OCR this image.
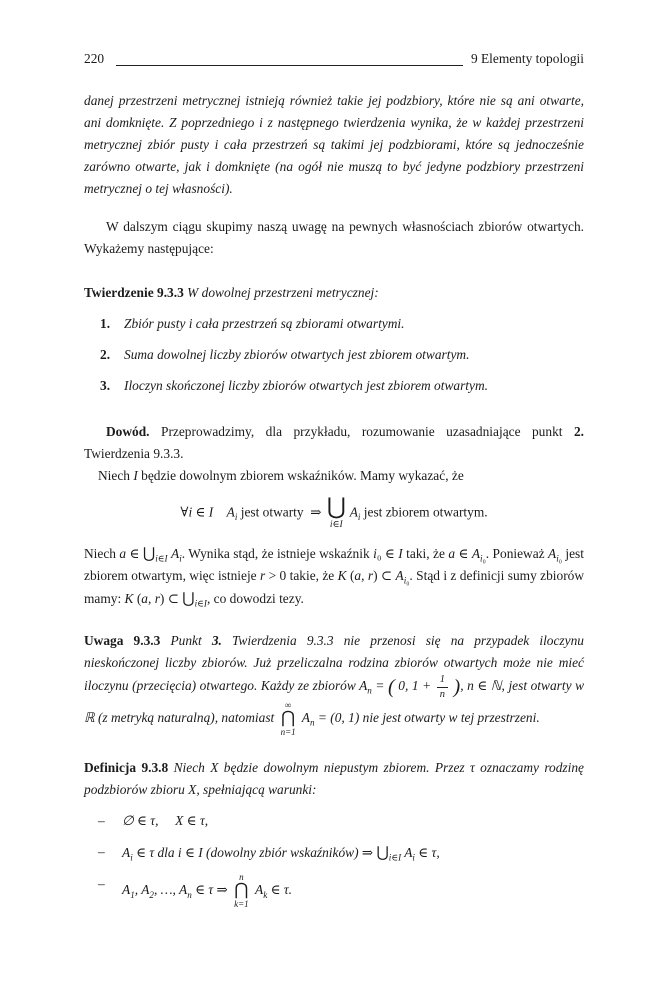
220	9 Elementy topologii

danej przestrzeni metrycznej istnieją również takie jej podzbiory, które nie są ani otwarte, ani domknięte. Z poprzedniego i z następnego twierdzenia wynika, że w każdej przestrzeni metrycznej zbiór pusty i cała przestrzeń są takimi jej podzbiorami, które są jednocześnie zarówno otwarte, jak i domknięte (na ogół nie muszą to być jedyne podzbiory przestrzeni metrycznej o tej własności).

W dalszym ciągu skupimy naszą uwagę na pewnych własnościach zbiorów otwartych. Wykażemy następujące:

Twierdzenie 9.3.3 W dowolnej przestrzeni metrycznej:

1.	Zbiór pusty i cała przestrzeń są zbiorami otwartymi.
2.	Suma dowolnej liczby zbiorów otwartych jest zbiorem otwartym.
3.	Iloczyn skończonej liczby zbiorów otwartych jest zbiorem otwartym.

Dowód. Przeprowadzimy, dla przykładu, rozumowanie uzasadniające punkt 2. Twierdzenia 9.3.3.

Niech I będzie dowolnym zbiorem wskaźników. Mamy wykazać, że

∀i ∈ I $A_i$ jest otwarty  ⇒ ⋃
i∈I
$A_i$ jest zbiorem otwartym.

Niech a ∈ $⋃_{i\in I}$ $A_i$. Wynika stąd, że istnieje wskaźnik i₀ ∈ I taki, że a ∈ $A_{i_0}$. Ponieważ $A_{i_0}$ jest zbiorem otwartym, więc istnieje r > 0 takie, że K (a, r) ⊂ $A_{i_0}$. Stąd i z definicji sumy zbiorów mamy: K (a, r) ⊂ $⋃_{i\in I}$, co dowodzi tezy.

Uwaga 9.3.3 Punkt 3. Twierdzenia 9.3.3 nie przenosi się na przypadek iloczynu nieskończonej liczby zbiorów. Już przeliczalna rodzina zbiorów otwartych może nie mieć iloczynu (przecięcia) otwartego. Każdy ze zbiorów $A_n$ = ( 0, $1 + \frac{1}{n}$ ), n ∈ ℕ, jest otwarty w ℝ (z metryką naturalną), natomiast
∞
⋂
n=1
$A_n = (0$, 1) nie jest otwarty w tej przestrzeni.

Definicja 9.3.8 Niech X będzie dowolnym niepustym zbiorem. Przez τ oznaczamy rodzinę podzbiorów zbioru X, spełniającą warunki:

–	∅ ∈ τ,     X ∈ τ,
–	$A_i$ ∈ τ dla i ∈ I (dowolny zbiór wskaźników) ⇒ $⋃_{i\in I}$ $A_i$ ∈ τ,
–	$A_1$, $A_2$, …, $A_n$ ∈ τ ⇒
n
⋂
k=1
$A_k$ ∈ τ.
